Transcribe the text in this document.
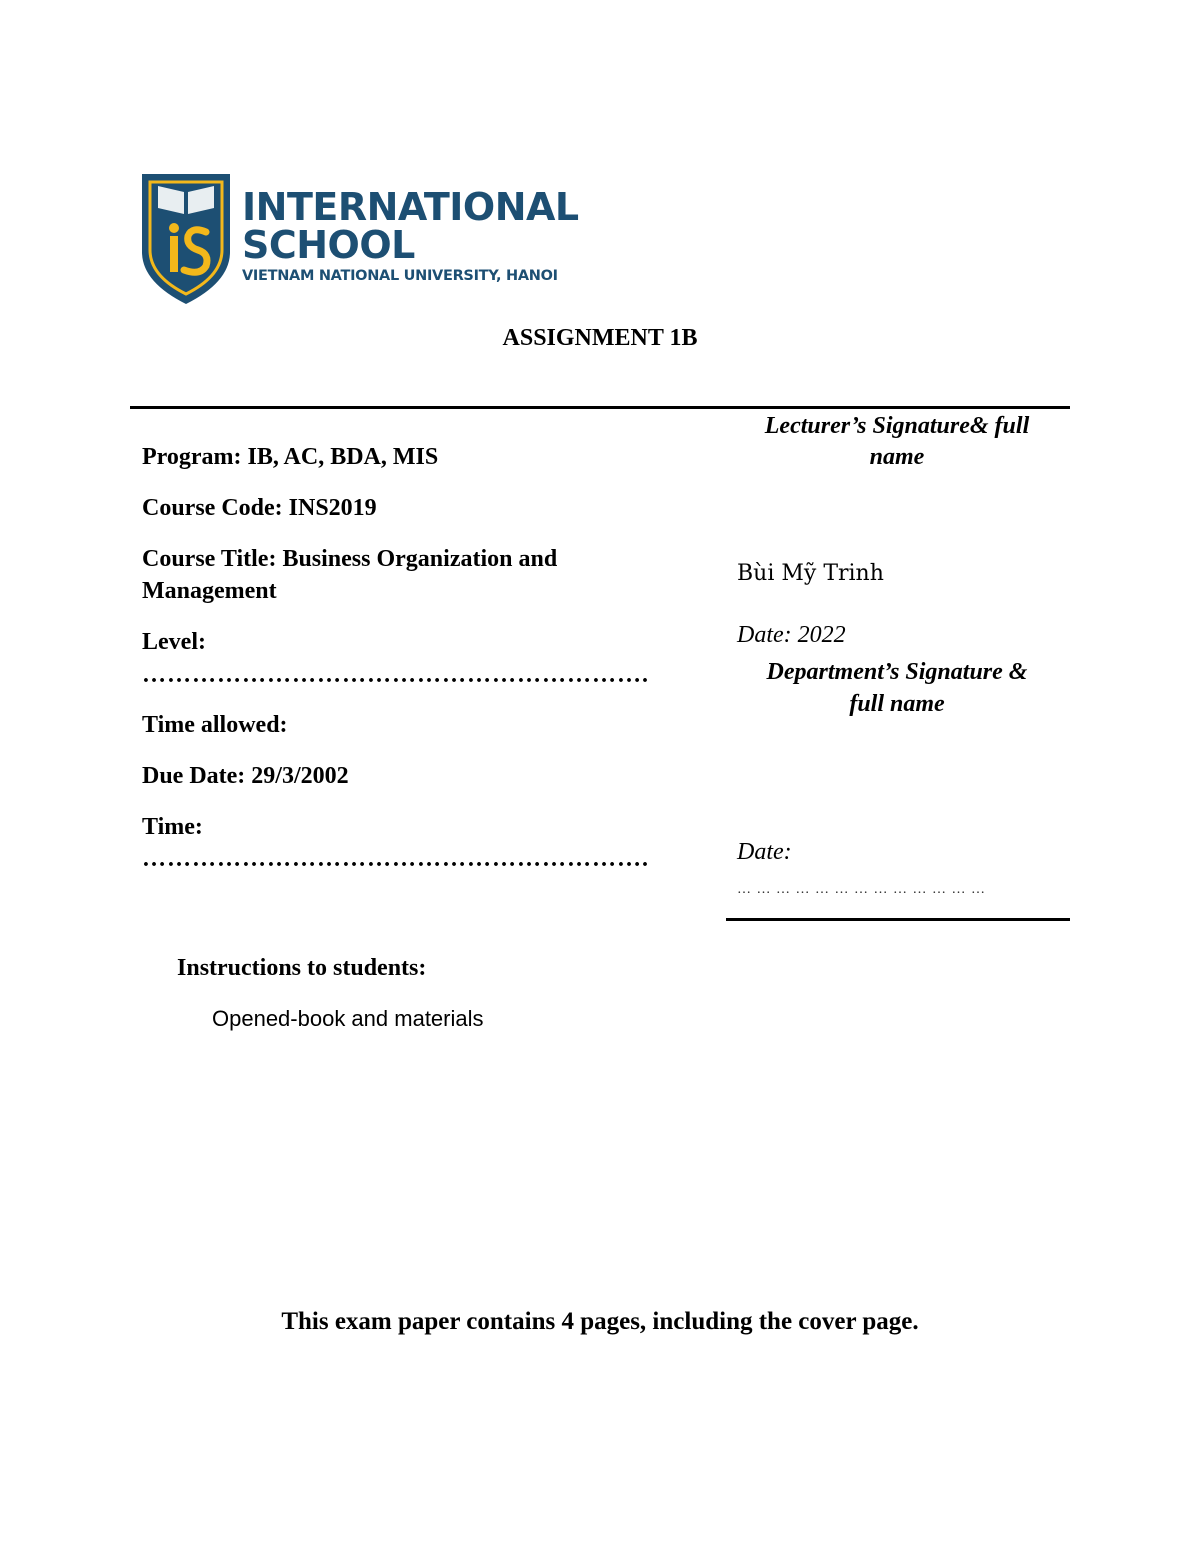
INTERNATIONAL
SCHOOL
VIETNAM NATIONAL UNIVERSITY, HANOI
ASSIGNMENT 1B
Program: IB, AC, BDA, MIS
Course Code: INS2019
Course Title: Business Organization and
Management
Level:
…………………………………………………….
Time allowed:
Due Date: 29/3/2002
Time:
…………………………………………………….
Lecturer’s Signature& full
name
Bùi Mỹ Trinh
Date: 2022
Department’s Signature &
full name
Date:
… … … … … … … … … … … … …
Instructions to students:
Opened-book and materials
This exam paper contains 4 pages, including the cover page.
